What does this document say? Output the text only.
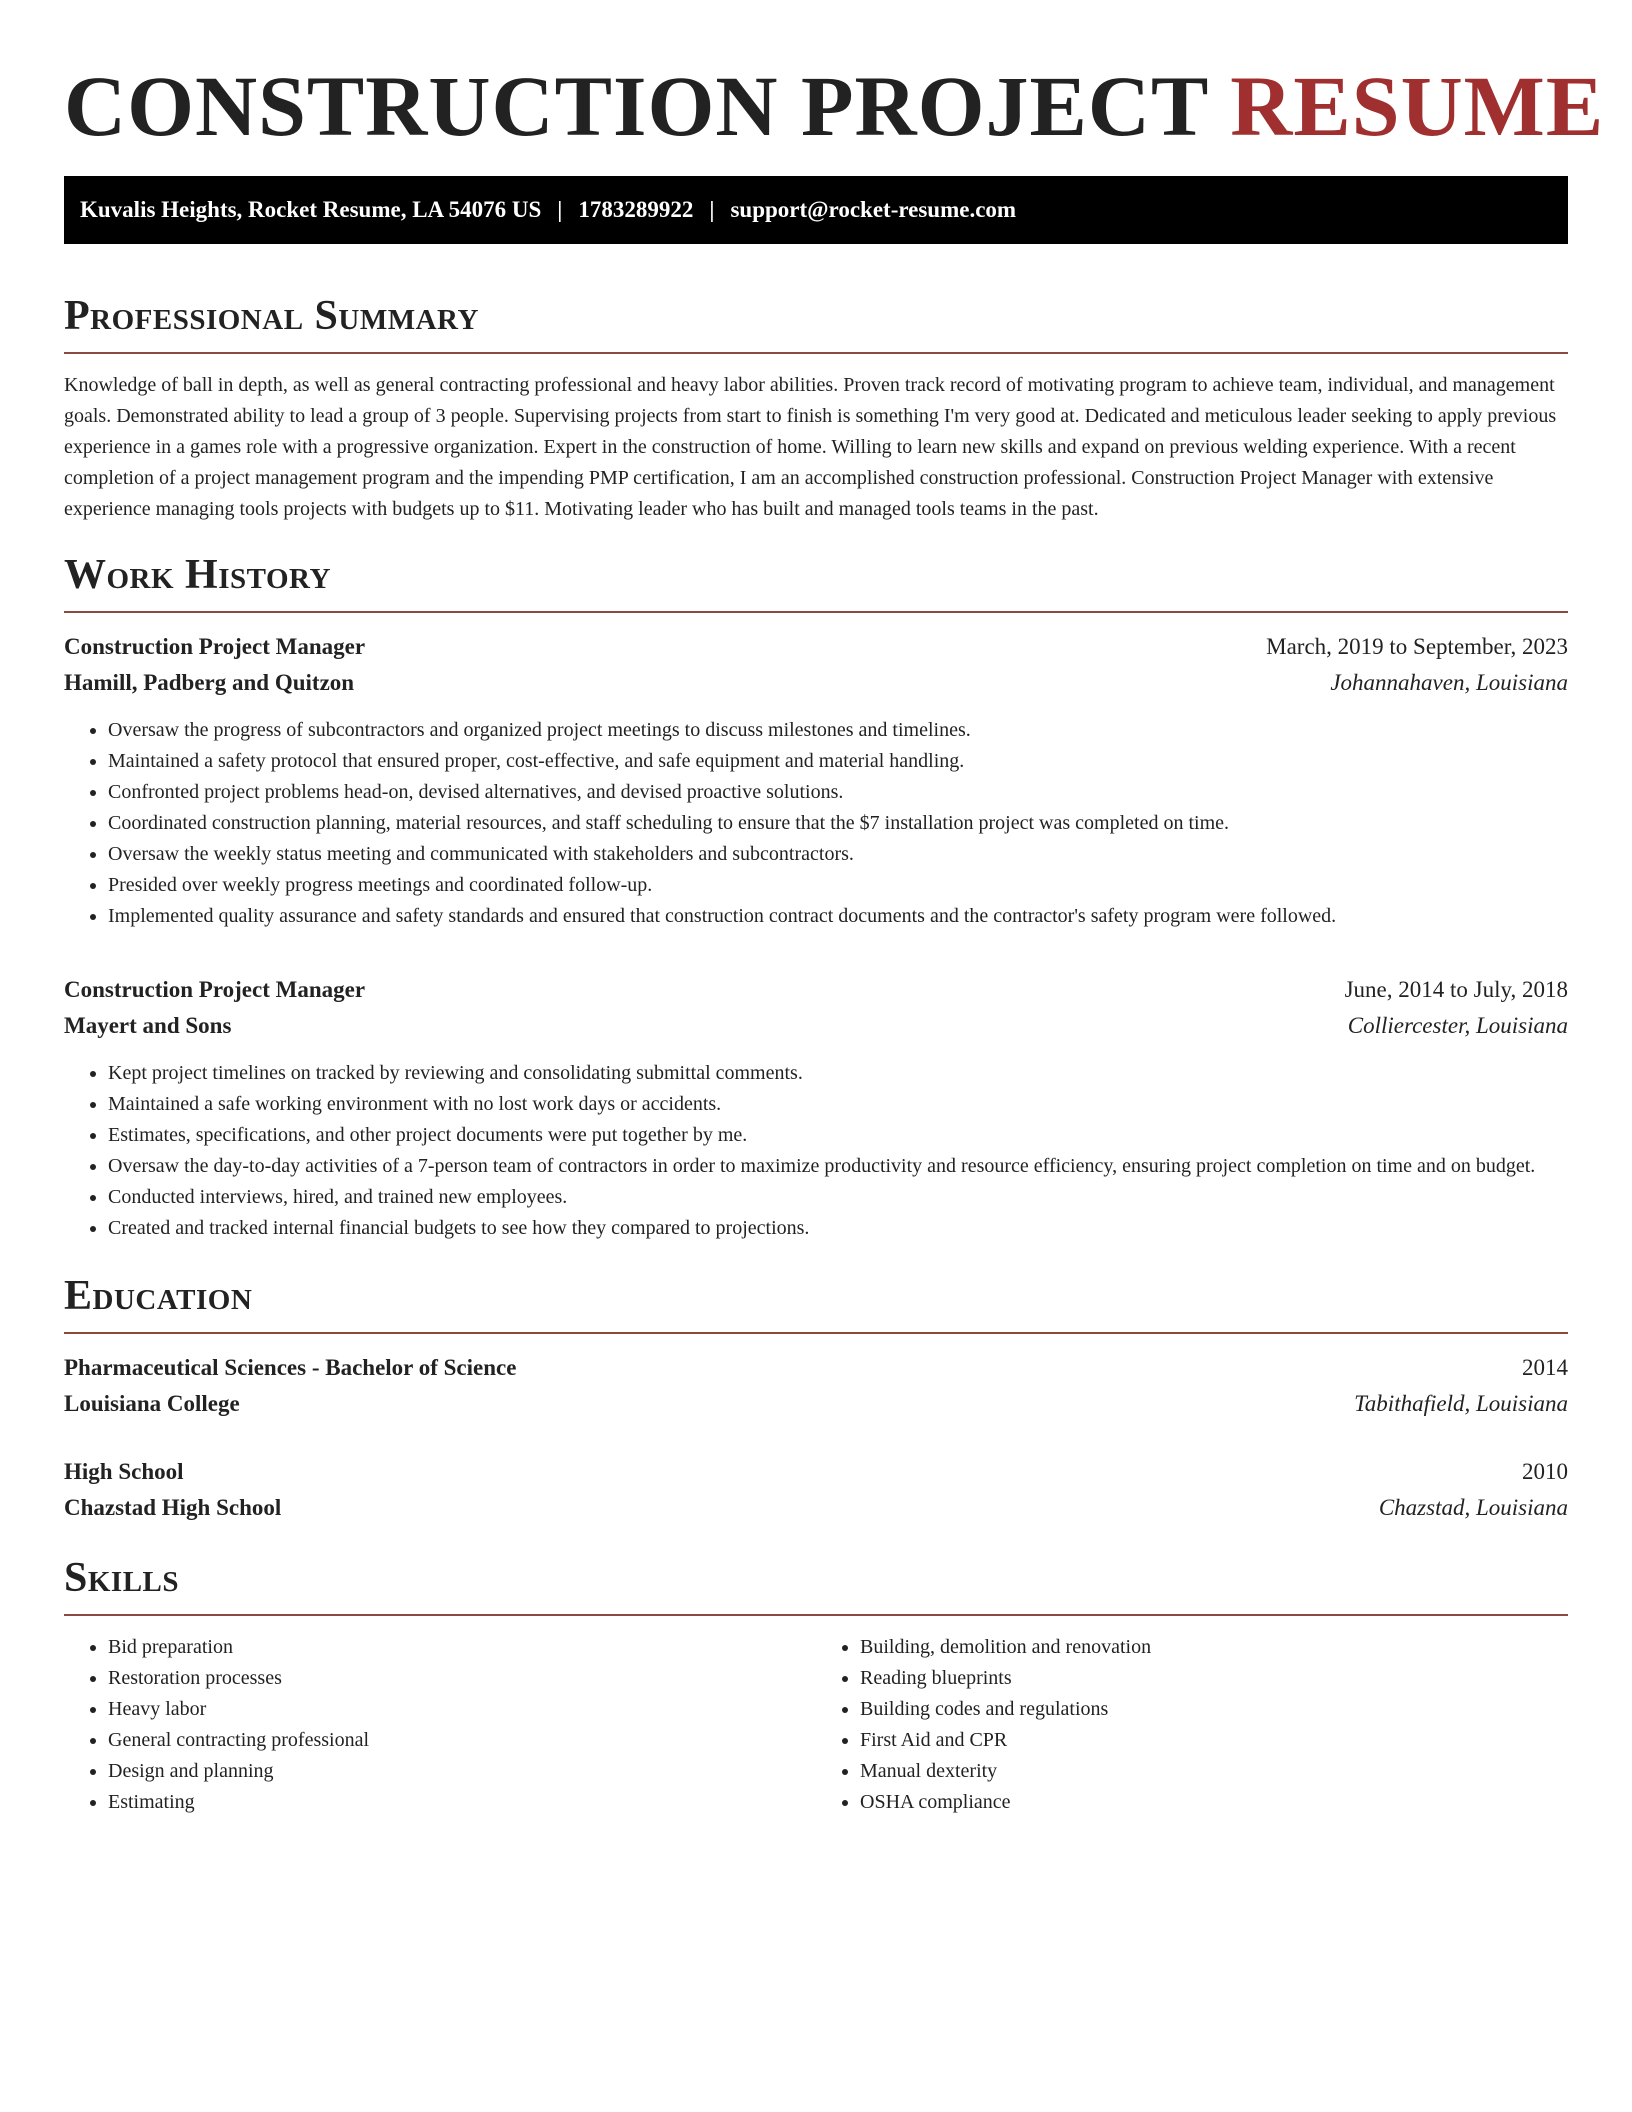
CONSTRUCTION PROJECT RESUME
Kuvalis Heights, Rocket Resume, LA 54076 US | 1783289922 | support@rocket-resume.com
Professional Summary

Knowledge of ball in depth, as well as general contracting professional and heavy labor abilities. Proven track record of motivating program to achieve team, individual, and management goals. Demonstrated ability to lead a group of 3 people. Supervising projects from start to finish is something I'm very good at. Dedicated and meticulous leader seeking to apply previous experience in a games role with a progressive organization. Expert in the construction of home. Willing to learn new skills and expand on previous welding experience. With a recent completion of a project management program and the impending PMP certification, I am an accomplished construction professional. Construction Project Manager with extensive experience managing tools projects with budgets up to $11. Motivating leader who has built and managed tools teams in the past.

Work History
Construction Project Manager	March, 2019 to September, 2023
Hamill, Padberg and Quitzon	Johannahaven, Louisiana
• Oversaw the progress of subcontractors and organized project meetings to discuss milestones and timelines.
• Maintained a safety protocol that ensured proper, cost-effective, and safe equipment and material handling.
• Confronted project problems head-on, devised alternatives, and devised proactive solutions.
• Coordinated construction planning, material resources, and staff scheduling to ensure that the $7 installation project was completed on time.
• Oversaw the weekly status meeting and communicated with stakeholders and subcontractors.
• Presided over weekly progress meetings and coordinated follow-up.
• Implemented quality assurance and safety standards and ensured that construction contract documents and the contractor's safety program were followed.
Construction Project Manager	June, 2014 to July, 2018
Mayert and Sons	Colliercester, Louisiana
• Kept project timelines on tracked by reviewing and consolidating submittal comments.
• Maintained a safe working environment with no lost work days or accidents.
• Estimates, specifications, and other project documents were put together by me.
• Oversaw the day-to-day activities of a 7-person team of contractors in order to maximize productivity and resource efficiency, ensuring project completion on time and on budget.
• Conducted interviews, hired, and trained new employees.
• Created and tracked internal financial budgets to see how they compared to projections.
Education
Pharmaceutical Sciences - Bachelor of Science	2014
Louisiana College	Tabithafield, Louisiana
High School	2010
Chazstad High School	Chazstad, Louisiana
Skills
• Bid preparation
• Restoration processes
• Heavy labor
• General contracting professional
• Design and planning
• Estimating
• Building, demolition and renovation
• Reading blueprints
• Building codes and regulations
• First Aid and CPR
• Manual dexterity
• OSHA compliance
